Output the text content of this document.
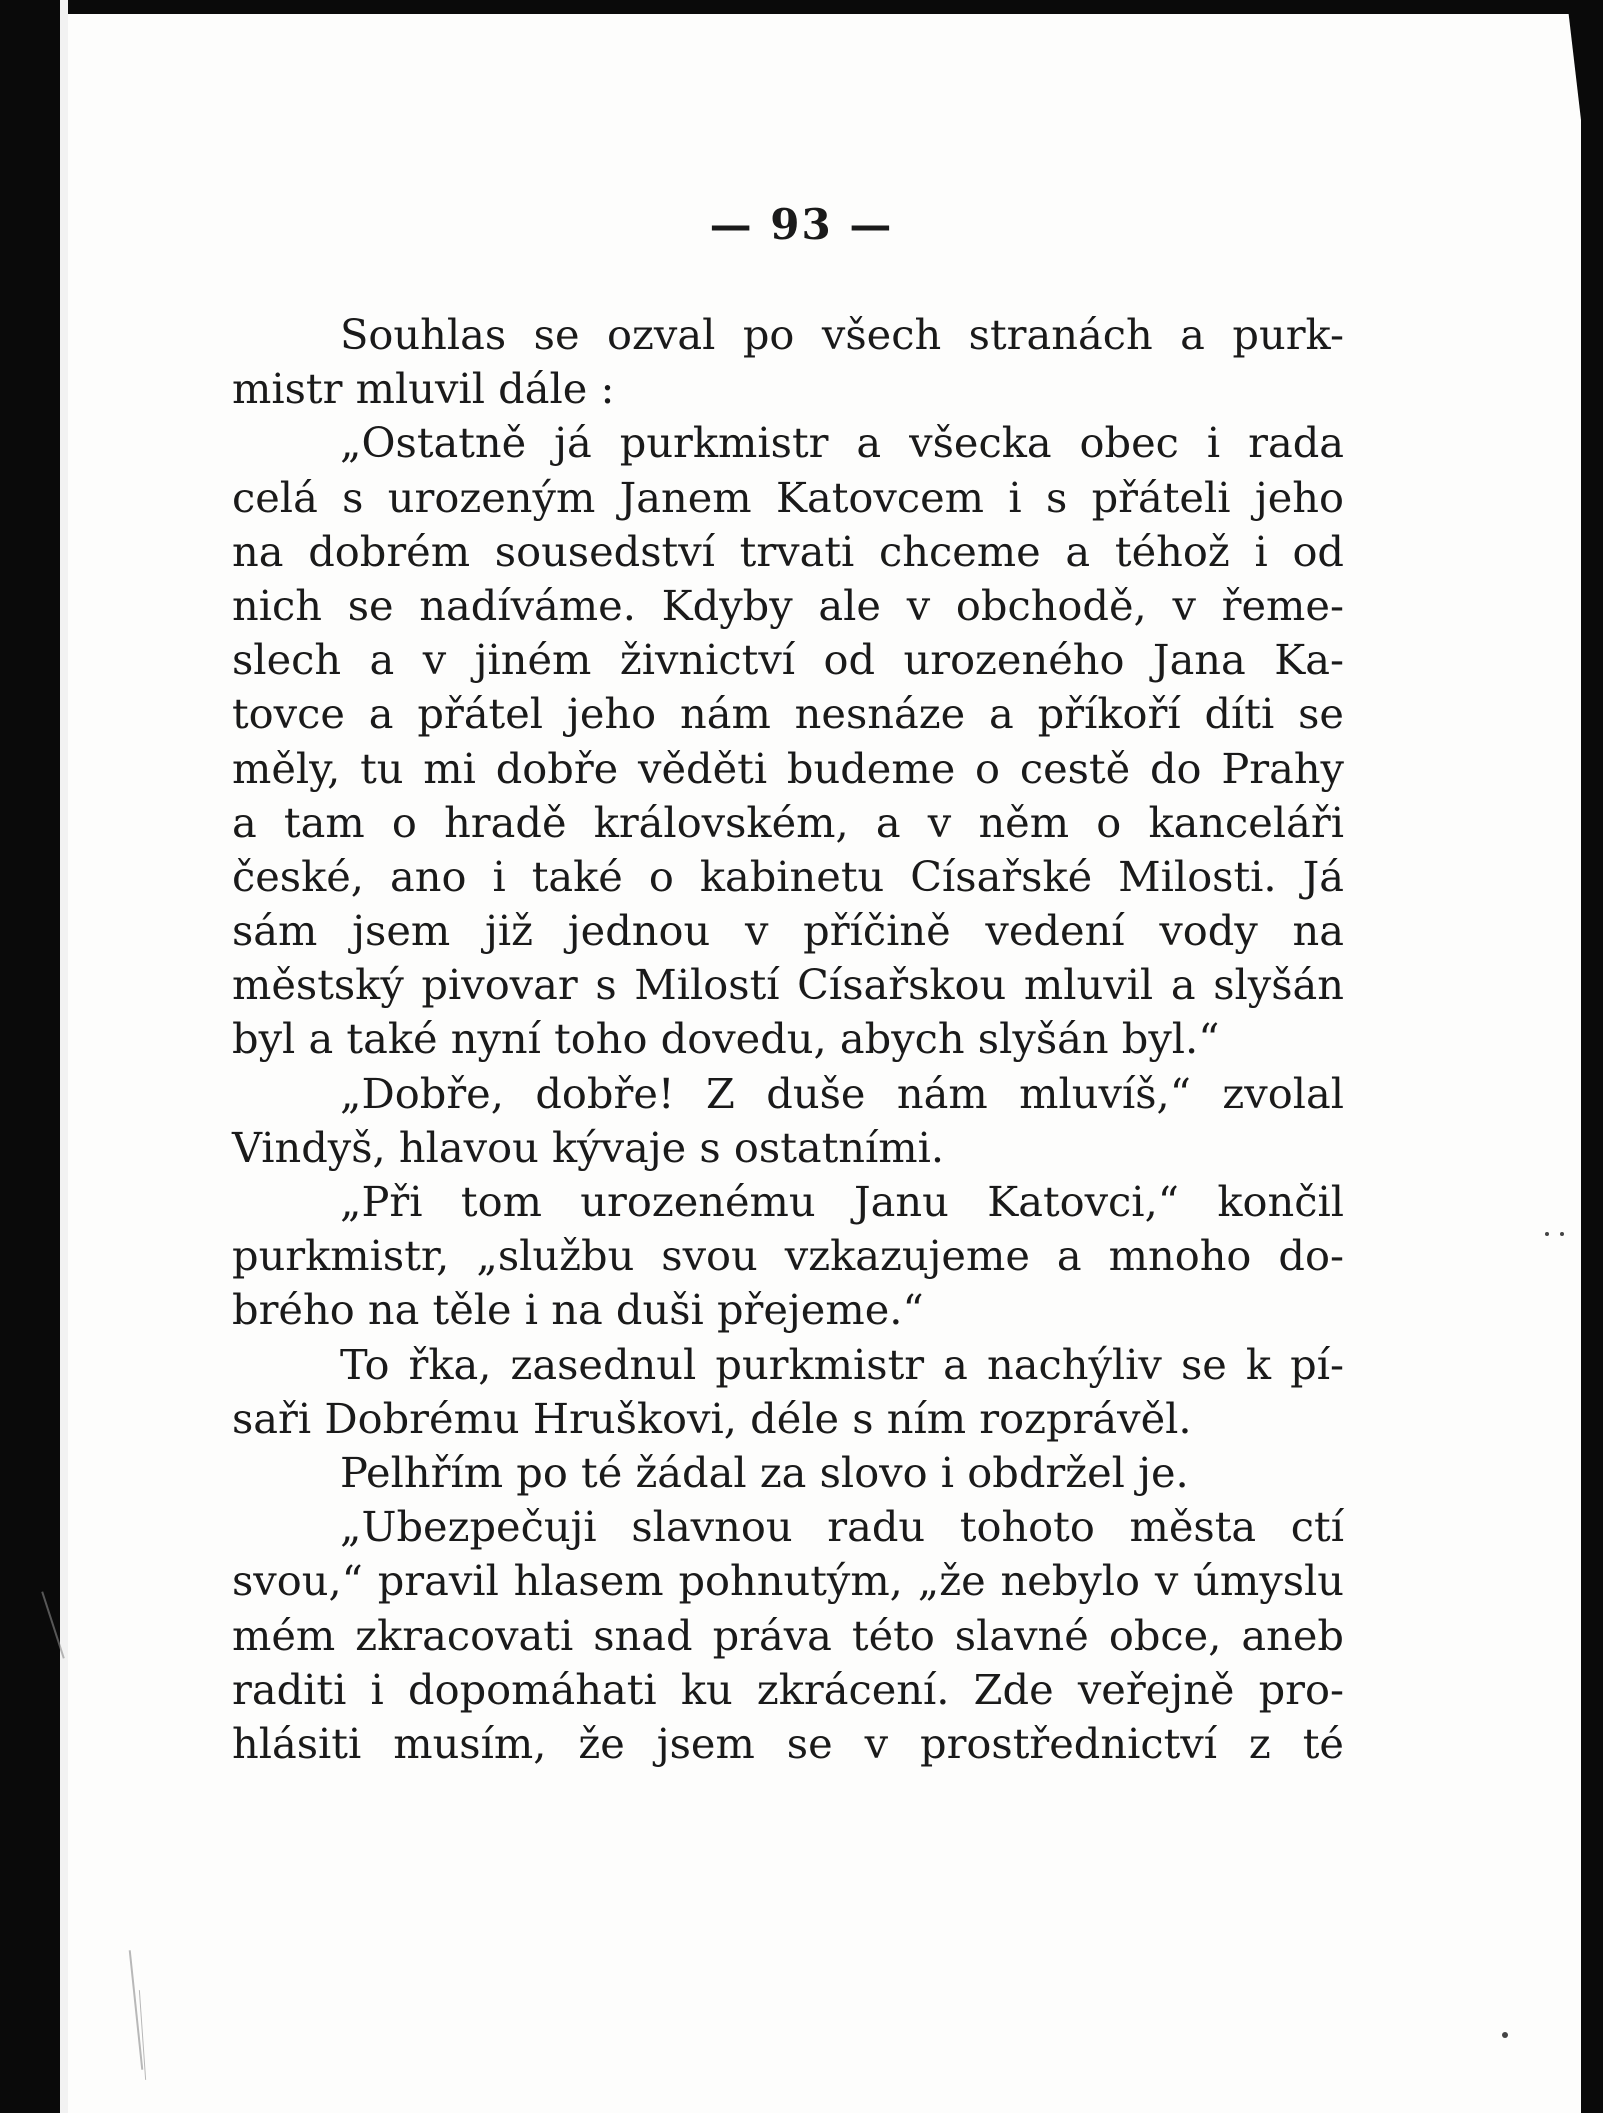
— 93 —
Souhlas se ozval po všech stranách a purk-
mistr mluvil dále :
„Ostatně já purkmistr a všecka obec i rada
celá s urozeným Janem Katovcem i s přáteli jeho
na dobrém sousedství trvati chceme a téhož i od
nich se nadíváme. Kdyby ale v obchodě, v řeme-
slech a v jiném živnictví od urozeného Jana Ka-
tovce a přátel jeho nám nesnáze a příkoří díti se
měly, tu mi dobře věděti budeme o cestě do Prahy
a tam o hradě královském, a v něm o kanceláři
české, ano i také o kabinetu Císařské Milosti. Já
sám jsem již jednou v příčině vedení vody na
městský pivovar s Milostí Císařskou mluvil a slyšán
byl a také nyní toho dovedu, abych slyšán byl.“
„Dobře, dobře! Z duše nám mluvíš,“ zvolal
Vindyš, hlavou kývaje s ostatními.
„Při tom urozenému Janu Katovci,“ končil
purkmistr, „službu svou vzkazujeme a mnoho do-
brého na těle i na duši přejeme.“
To řka, zasednul purkmistr a nachýliv se k pí-
saři Dobrému Hruškovi, déle s ním rozprávěl.
Pelhřím po té žádal za slovo i obdržel je.
„Ubezpečuji slavnou radu tohoto města ctí
svou,“ pravil hlasem pohnutým, „že nebylo v úmyslu
mém zkracovati snad práva této slavné obce, aneb
raditi i dopomáhati ku zkrácení. Zde veřejně pro-
hlásiti musím, že jsem se v prostřednictví z té
